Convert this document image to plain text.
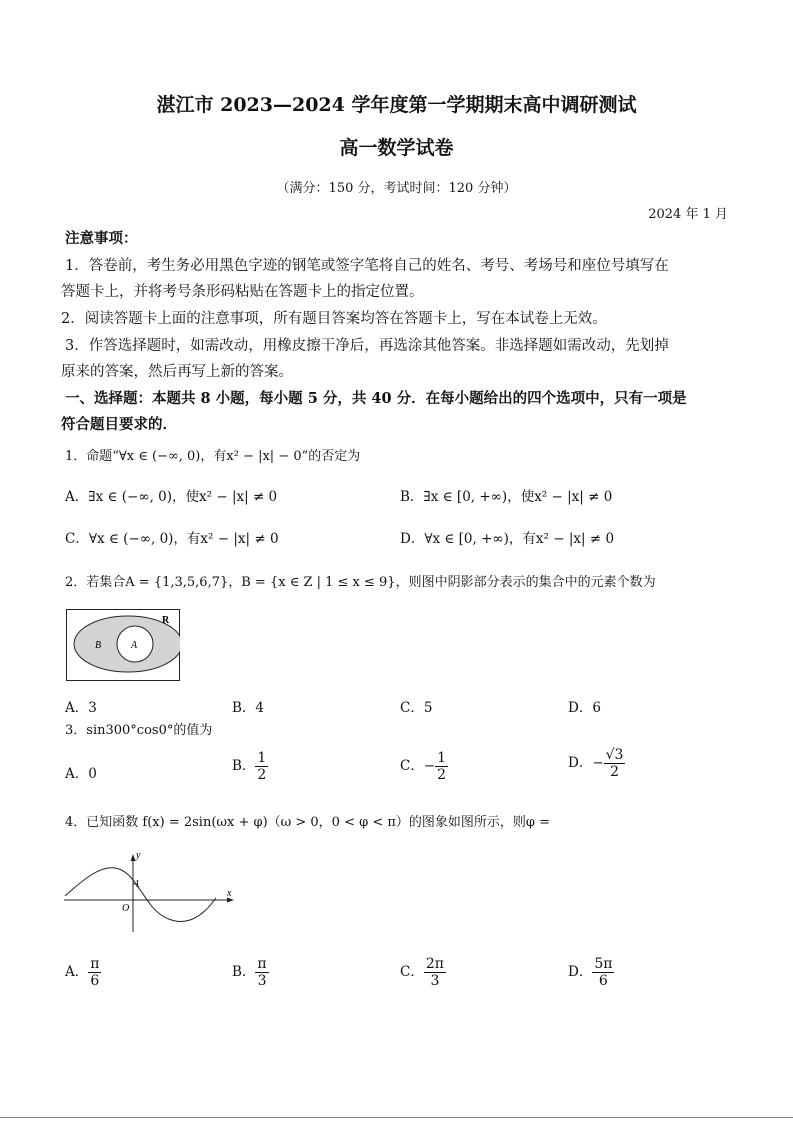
湛江市 2023—2024 学年度第一学期期末高中调研测试
高一数学试卷
（满分：150 分，考试时间：120 分钟）
2024 年 1 月
注意事项：
1．答卷前，考生务必用黑色字迹的钢笔或签字笔将自己的姓名、考号、考场号和座位号填写在
答题卡上，并将考号条形码粘贴在答题卡上的指定位置。
2．阅读答题卡上面的注意事项，所有题目答案均答在答题卡上，写在本试卷上无效。
3．作答选择题时，如需改动，用橡皮擦干净后，再选涂其他答案。非选择题如需改动，先划掉
原来的答案，然后再写上新的答案。
一、选择题：本题共 8 小题，每小题 5 分，共 40 分．在每小题给出的四个选项中，只有一项是
符合题目要求的．
1．命题“∀x ∈ (−∞, 0)，有x² − |x| − 0”的否定为
A．∃x ∈ (−∞, 0)，使x² − |x| ≠ 0	B．∃x ∈ [0, +∞)，使x² − |x| ≠ 0
C．∀x ∈ (−∞, 0)，有x² − |x| ≠ 0	D．∀x ∈ [0, +∞)，有x² − |x| ≠ 0
2．若集合A = {1,3,5,6,7}，B = {x ∈ Z | 1 ≤ x ≤ 9}，则图中阴影部分表示的集合中的元素个数为
R
B	A
A．3	B．4	C．5	D．6
3．sin300°cos0°的值为
A．0	B． $\frac{1}{2}$	C．− $\frac{1}{2}$	D．− $\frac{√3}{2}$
4．已知函数 f(x) = 2sin(ωx + φ)（ω > 0，0 < φ < π）的图象如图所示，则φ =
y
x
O
1
A． $\frac{\pi}{6}$	B． $\frac{\pi}{3}$	C． $\frac{2\pi}{3}$	D． $\frac{5\pi}{6}$
